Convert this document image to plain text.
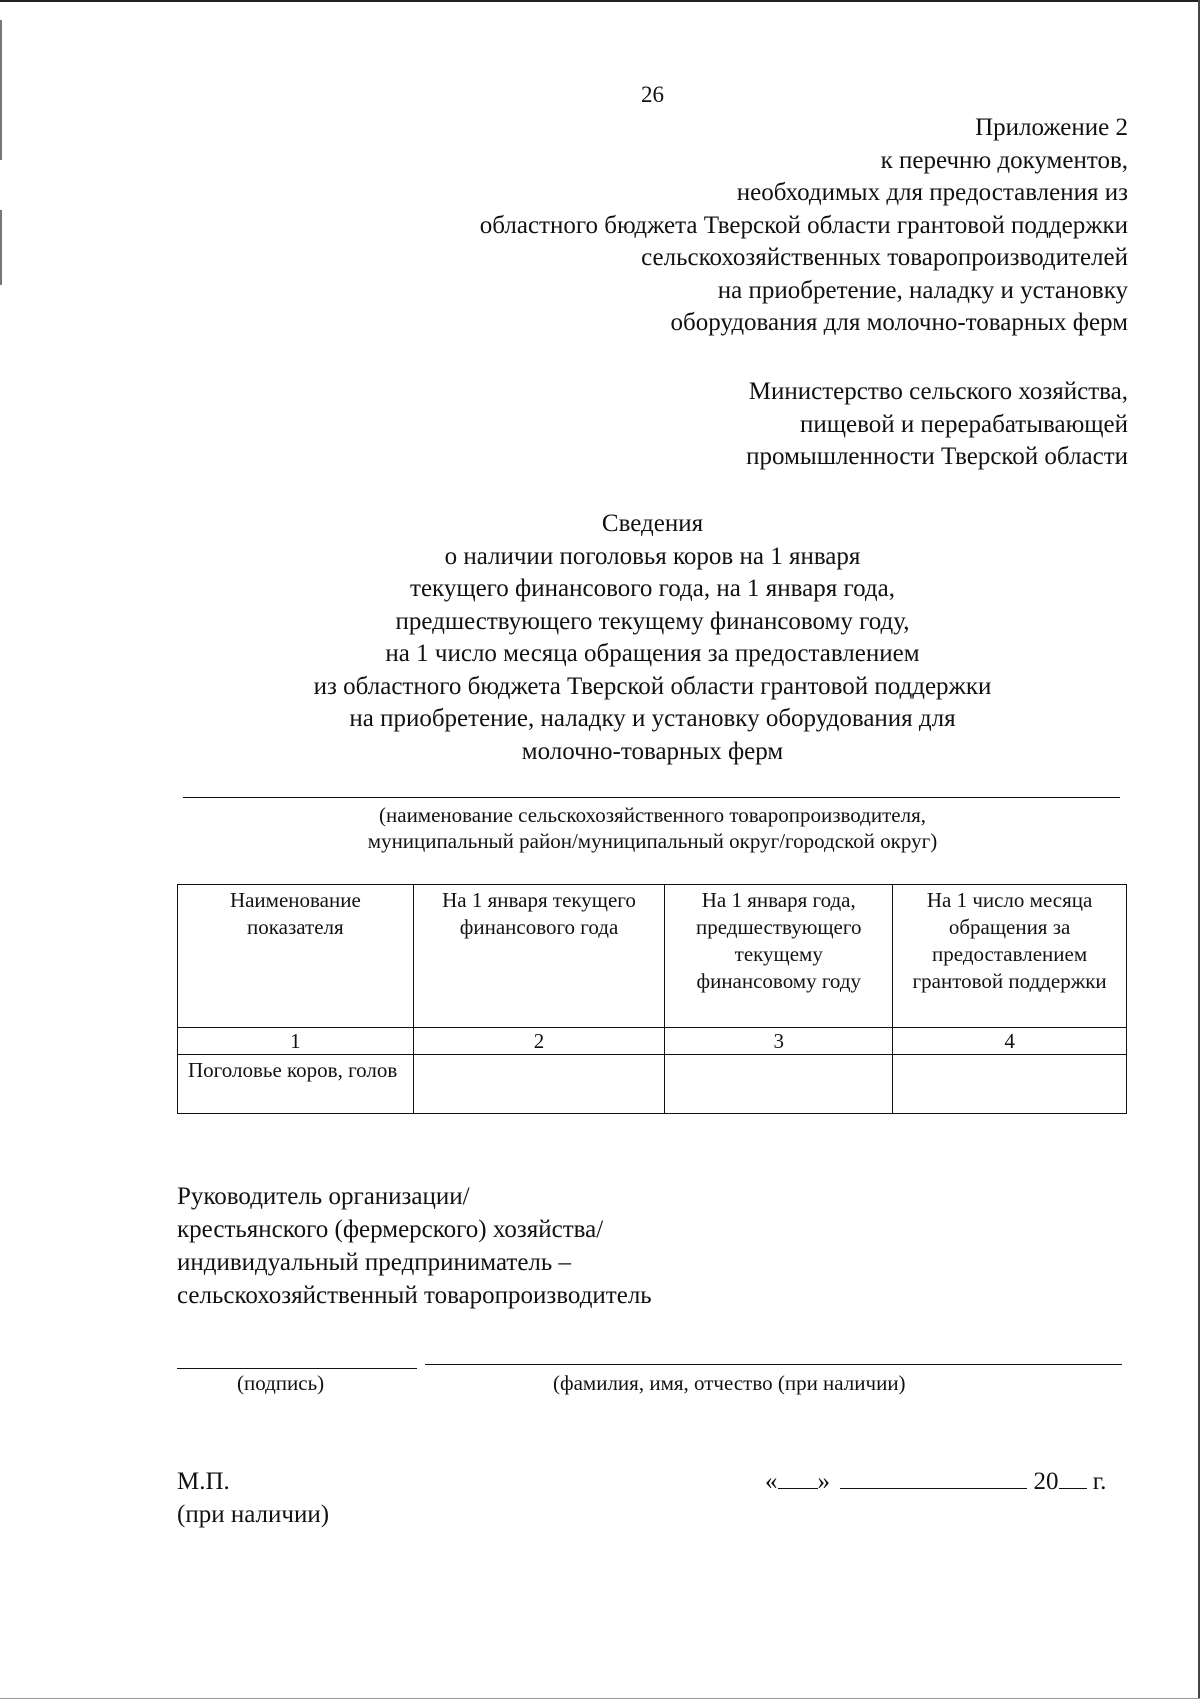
26
Приложение 2
к перечню документов,
необходимых для предоставления из
областного бюджета Тверской области грантовой поддержки
сельскохозяйственных товаропроизводителей
на приобретение, наладку и установку
оборудования для молочно-товарных ферм
Министерство сельского хозяйства,
пищевой и перерабатывающей
промышленности Тверской области
Сведения
о наличии поголовья коров на 1 января
текущего финансового года, на 1 января года,
предшествующего текущему финансовому году,
на 1 число месяца обращения за предоставлением
из областного бюджета Тверской области грантовой поддержки
на приобретение, наладку и установку оборудования для
молочно-товарных ферм
(наименование сельскохозяйственного товаропроизводителя,
муниципальный район/муниципальный округ/городской округ)
Наименование показателя	На 1 января текущего финансового года	На 1 января года, предшествующего текущему финансовому году	На 1 число месяца обращения за предоставлением грантовой поддержки
1	2	3	4
Поголовье коров, голов			
Руководитель организации/
крестьянского (фермерского) хозяйства/
индивидуальный предприниматель –
сельскохозяйственный товаропроизводитель
(подпись)	(фамилия, имя, отчество (при наличии)
М.П.
(при наличии)
« »	20 г.
